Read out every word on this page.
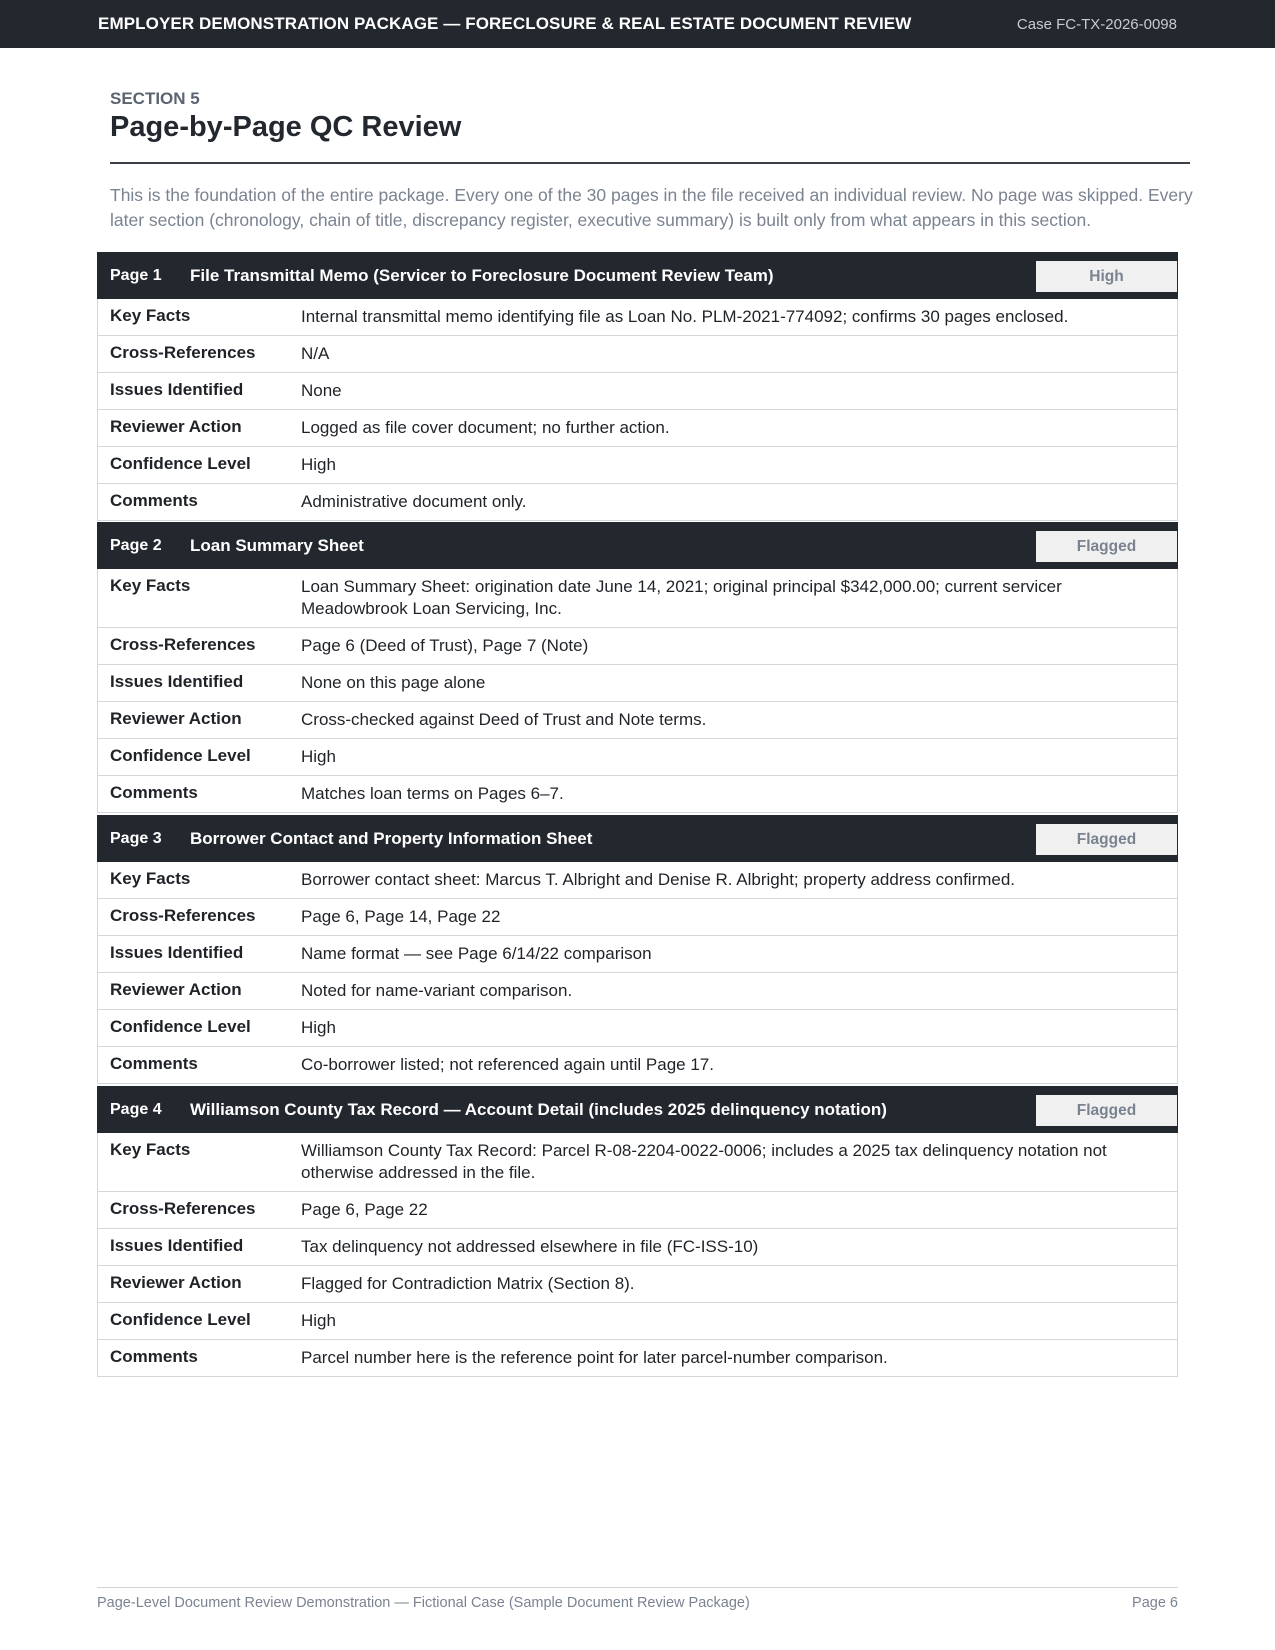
EMPLOYER DEMONSTRATION PACKAGE — FORECLOSURE & REAL ESTATE DOCUMENT REVIEW	Case FC-TX-2026-0098
SECTION 5
Page-by-Page QC Review
This is the foundation of the entire package. Every one of the 30 pages in the file received an individual review. No page was skipped. Every later section (chronology, chain of title, discrepancy register, executive summary) is built only from what appears in this section.
Page 1	File Transmittal Memo (Servicer to Foreclosure Document Review Team)	High
Key Facts	Internal transmittal memo identifying file as Loan No. PLM-2021-774092; confirms 30 pages enclosed.
Cross-References	N/A
Issues Identified	None
Reviewer Action	Logged as file cover document; no further action.
Confidence Level	High
Comments	Administrative document only.
Page 2	Loan Summary Sheet	Flagged
Key Facts	Loan Summary Sheet: origination date June 14, 2021; original principal $342,000.00; current servicer Meadowbrook Loan Servicing, Inc.
Cross-References	Page 6 (Deed of Trust), Page 7 (Note)
Issues Identified	None on this page alone
Reviewer Action	Cross-checked against Deed of Trust and Note terms.
Confidence Level	High
Comments	Matches loan terms on Pages 6–7.
Page 3	Borrower Contact and Property Information Sheet	Flagged
Key Facts	Borrower contact sheet: Marcus T. Albright and Denise R. Albright; property address confirmed.
Cross-References	Page 6, Page 14, Page 22
Issues Identified	Name format — see Page 6/14/22 comparison
Reviewer Action	Noted for name-variant comparison.
Confidence Level	High
Comments	Co-borrower listed; not referenced again until Page 17.
Page 4	Williamson County Tax Record — Account Detail (includes 2025 delinquency notation)	Flagged
Key Facts	Williamson County Tax Record: Parcel R-08-2204-0022-0006; includes a 2025 tax delinquency notation not otherwise addressed in the file.
Cross-References	Page 6, Page 22
Issues Identified	Tax delinquency not addressed elsewhere in file (FC-ISS-10)
Reviewer Action	Flagged for Contradiction Matrix (Section 8).
Confidence Level	High
Comments	Parcel number here is the reference point for later parcel-number comparison.
Page-Level Document Review Demonstration — Fictional Case (Sample Document Review Package)	Page 6
